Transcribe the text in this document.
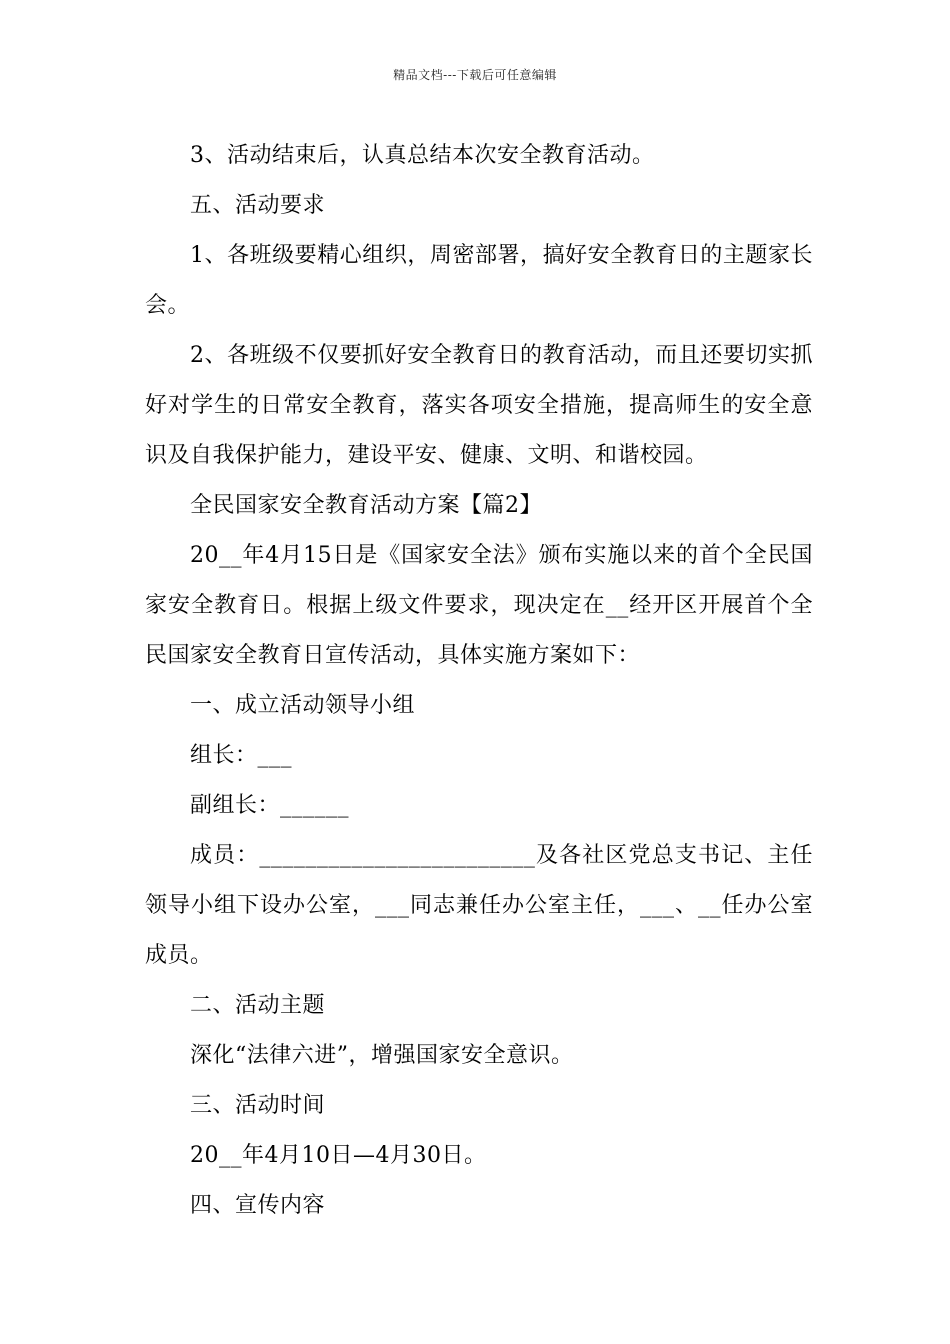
精品文档---下载后可任意编辑

3、活动结束后，认真总结本次安全教育活动。

五、活动要求

1、各班级要精心组织，周密部署，搞好安全教育日的主题家长会。

2、各班级不仅要抓好安全教育日的教育活动，而且还要切实抓好对学生的日常安全教育，落实各项安全措施，提高师生的安全意识及自我保护能力，建设平安、健康、文明、和谐校园。

全民国家安全教育活动方案【篇2】

20__年4月15日是《国家安全法》颁布实施以来的首个全民国家安全教育日。根据上级文件要求，现决定在__经开区开展首个全民国家安全教育日宣传活动，具体实施方案如下：

一、成立活动领导小组

组长：___

副组长：______

成员：________________________及各社区党总支书记、主任领导小组下设办公室，___同志兼任办公室主任，___、__任办公室成员。

二、活动主题

深化“法律六进”，增强国家安全意识。

三、活动时间

20__年4月10日—4月30日。

四、宣传内容
